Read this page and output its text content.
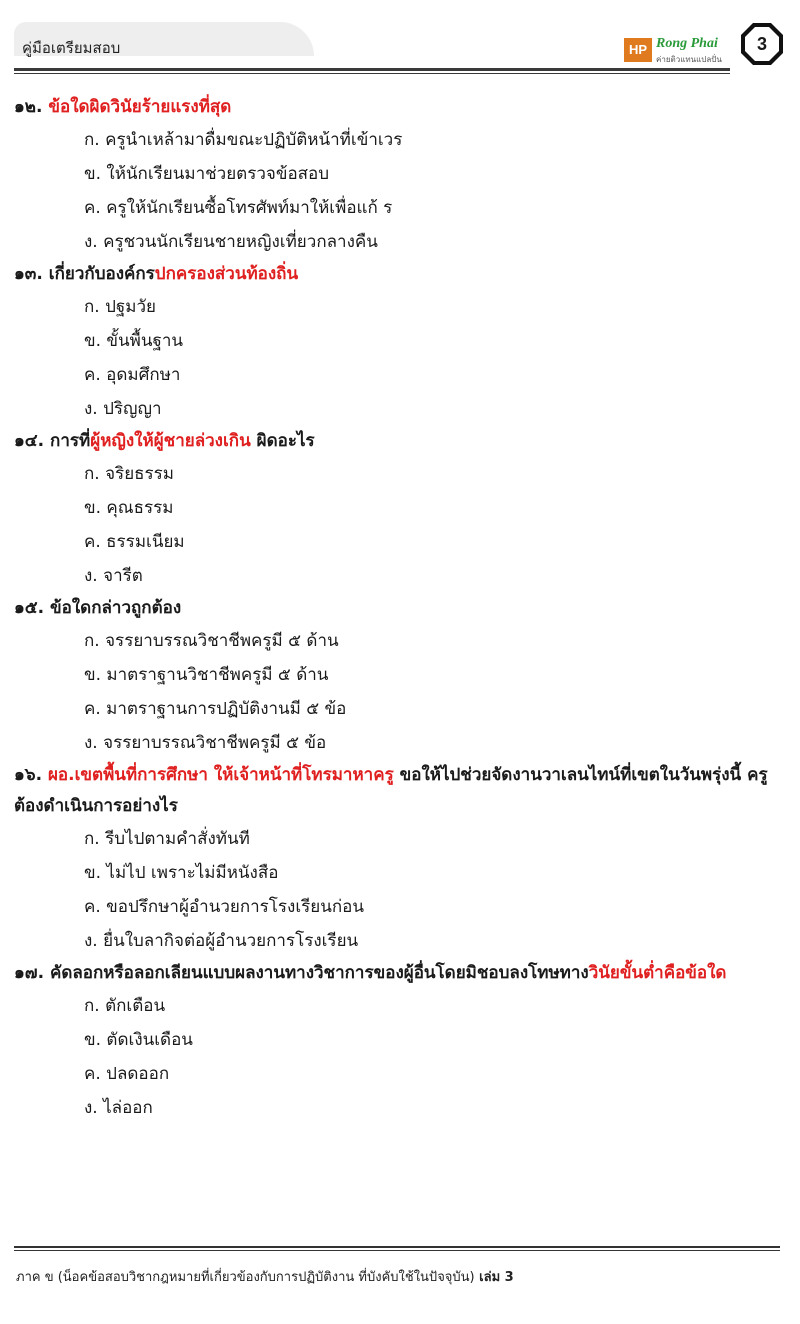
คู่มือเตรียมสอบ	HP Rong Phai
ค่ายติวแทนแปลปั่น
3
๑๒. ข้อใดผิดวินัยร้ายแรงที่สุด
ก. ครูนำเหล้ามาดื่มขณะปฏิบัติหน้าที่เข้าเวร
ข. ให้นักเรียนมาช่วยตรวจข้อสอบ
ค. ครูให้นักเรียนซื้อโทรศัพท์มาให้เพื่อแก้ ร
ง. ครูชวนนักเรียนชายหญิงเที่ยวกลางคืน
๑๓. เกี่ยวกับองค์กรปกครองส่วนท้องถิ่น
ก. ปฐมวัย
ข. ขั้นพื้นฐาน
ค. อุดมศึกษา
ง. ปริญญา
๑๔. การที่ผู้หญิงให้ผู้ชายล่วงเกิน ผิดอะไร
ก. จริยธรรม
ข. คุณธรรม
ค. ธรรมเนียม
ง. จารีต
๑๕. ข้อใดกล่าวถูกต้อง
ก. จรรยาบรรณวิชาชีพครูมี ๕ ด้าน
ข. มาตราฐานวิชาชีพครูมี ๕ ด้าน
ค. มาตราฐานการปฏิบัติงานมี ๕ ข้อ
ง. จรรยาบรรณวิชาชีพครูมี ๕ ข้อ
๑๖. ผอ.เขตพื้นที่การศึกษา ให้เจ้าหน้าที่โทรมาหาครู ขอให้ไปช่วยจัดงานวาเลนไทน์ที่เขตในวันพรุ่งนี้ ครูต้องดำเนินการอย่างไร
ก. รีบไปตามคำสั่งทันที
ข. ไม่ไป เพราะไม่มีหนังสือ
ค. ขอปรึกษาผู้อำนวยการโรงเรียนก่อน
ง. ยื่นใบลากิจต่อผู้อำนวยการโรงเรียน
๑๗. คัดลอกหรือลอกเลียนแบบผลงานทางวิชาการของผู้อื่นโดยมิชอบลงโทษทางวินัยขั้นต่ำคือข้อใด
ก. ตักเตือน
ข. ตัดเงินเดือน
ค. ปลดออก
ง. ไล่ออก
ภาค ข (น็อคข้อสอบวิชากฎหมายที่เกี่ยวข้องกับการปฏิบัติงาน ที่บังคับใช้ในปัจจุบัน) เล่ม 3
